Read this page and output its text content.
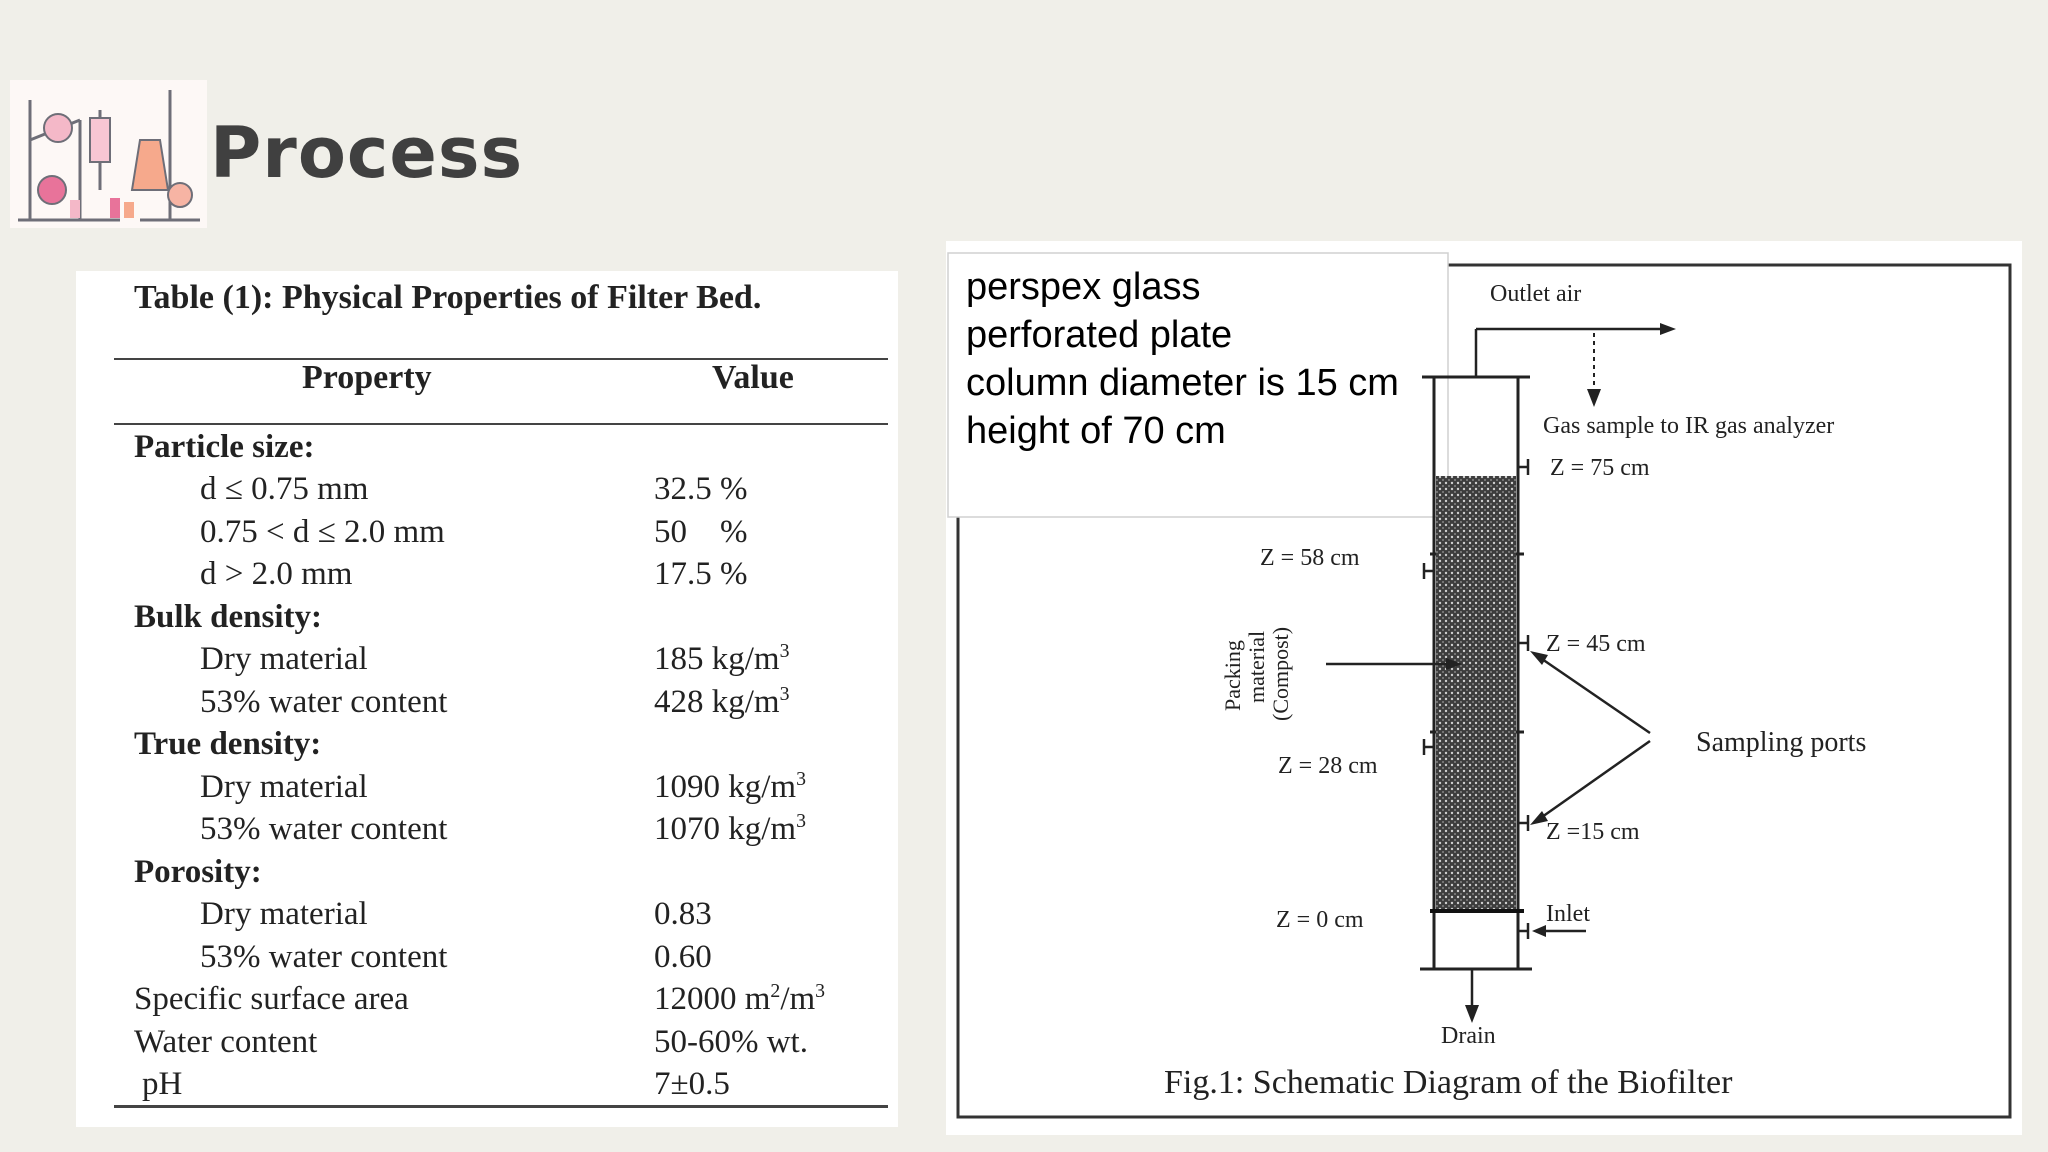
Process
Table (1): Physical Properties of Filter Bed.
Property	Value
Particle size:
d ≤ 0.75 mm	32.5 %
0.75 < d ≤ 2.0 mm	50    %
d > 2.0 mm	17.5 %
Bulk density:
Dry material	185 $kg/m^3$
53% water content	428 $kg/m^3$
True density:
Dry material	1090 $kg/m^3$
53% water content	1070 $kg/m^3$
Porosity:
Dry material	0.83
53% water content	0.60
Specific surface area	12000 $m^2/m^3$
Water content	50-60% wt.
pH	7±0.5
Outlet air
Gas sample to IR gas analyzer
Z = 75 cm
Z = 58 cm
Z = 45 cm
Z = 28 cm
Z =15 cm
Z = 0 cm
Sampling ports
Inlet
Drain
Packing material (Compost)
Fig.1: Schematic Diagram of the Biofilter
perspex glass
perforated plate
column diameter is 15 cm
height of 70 cm
